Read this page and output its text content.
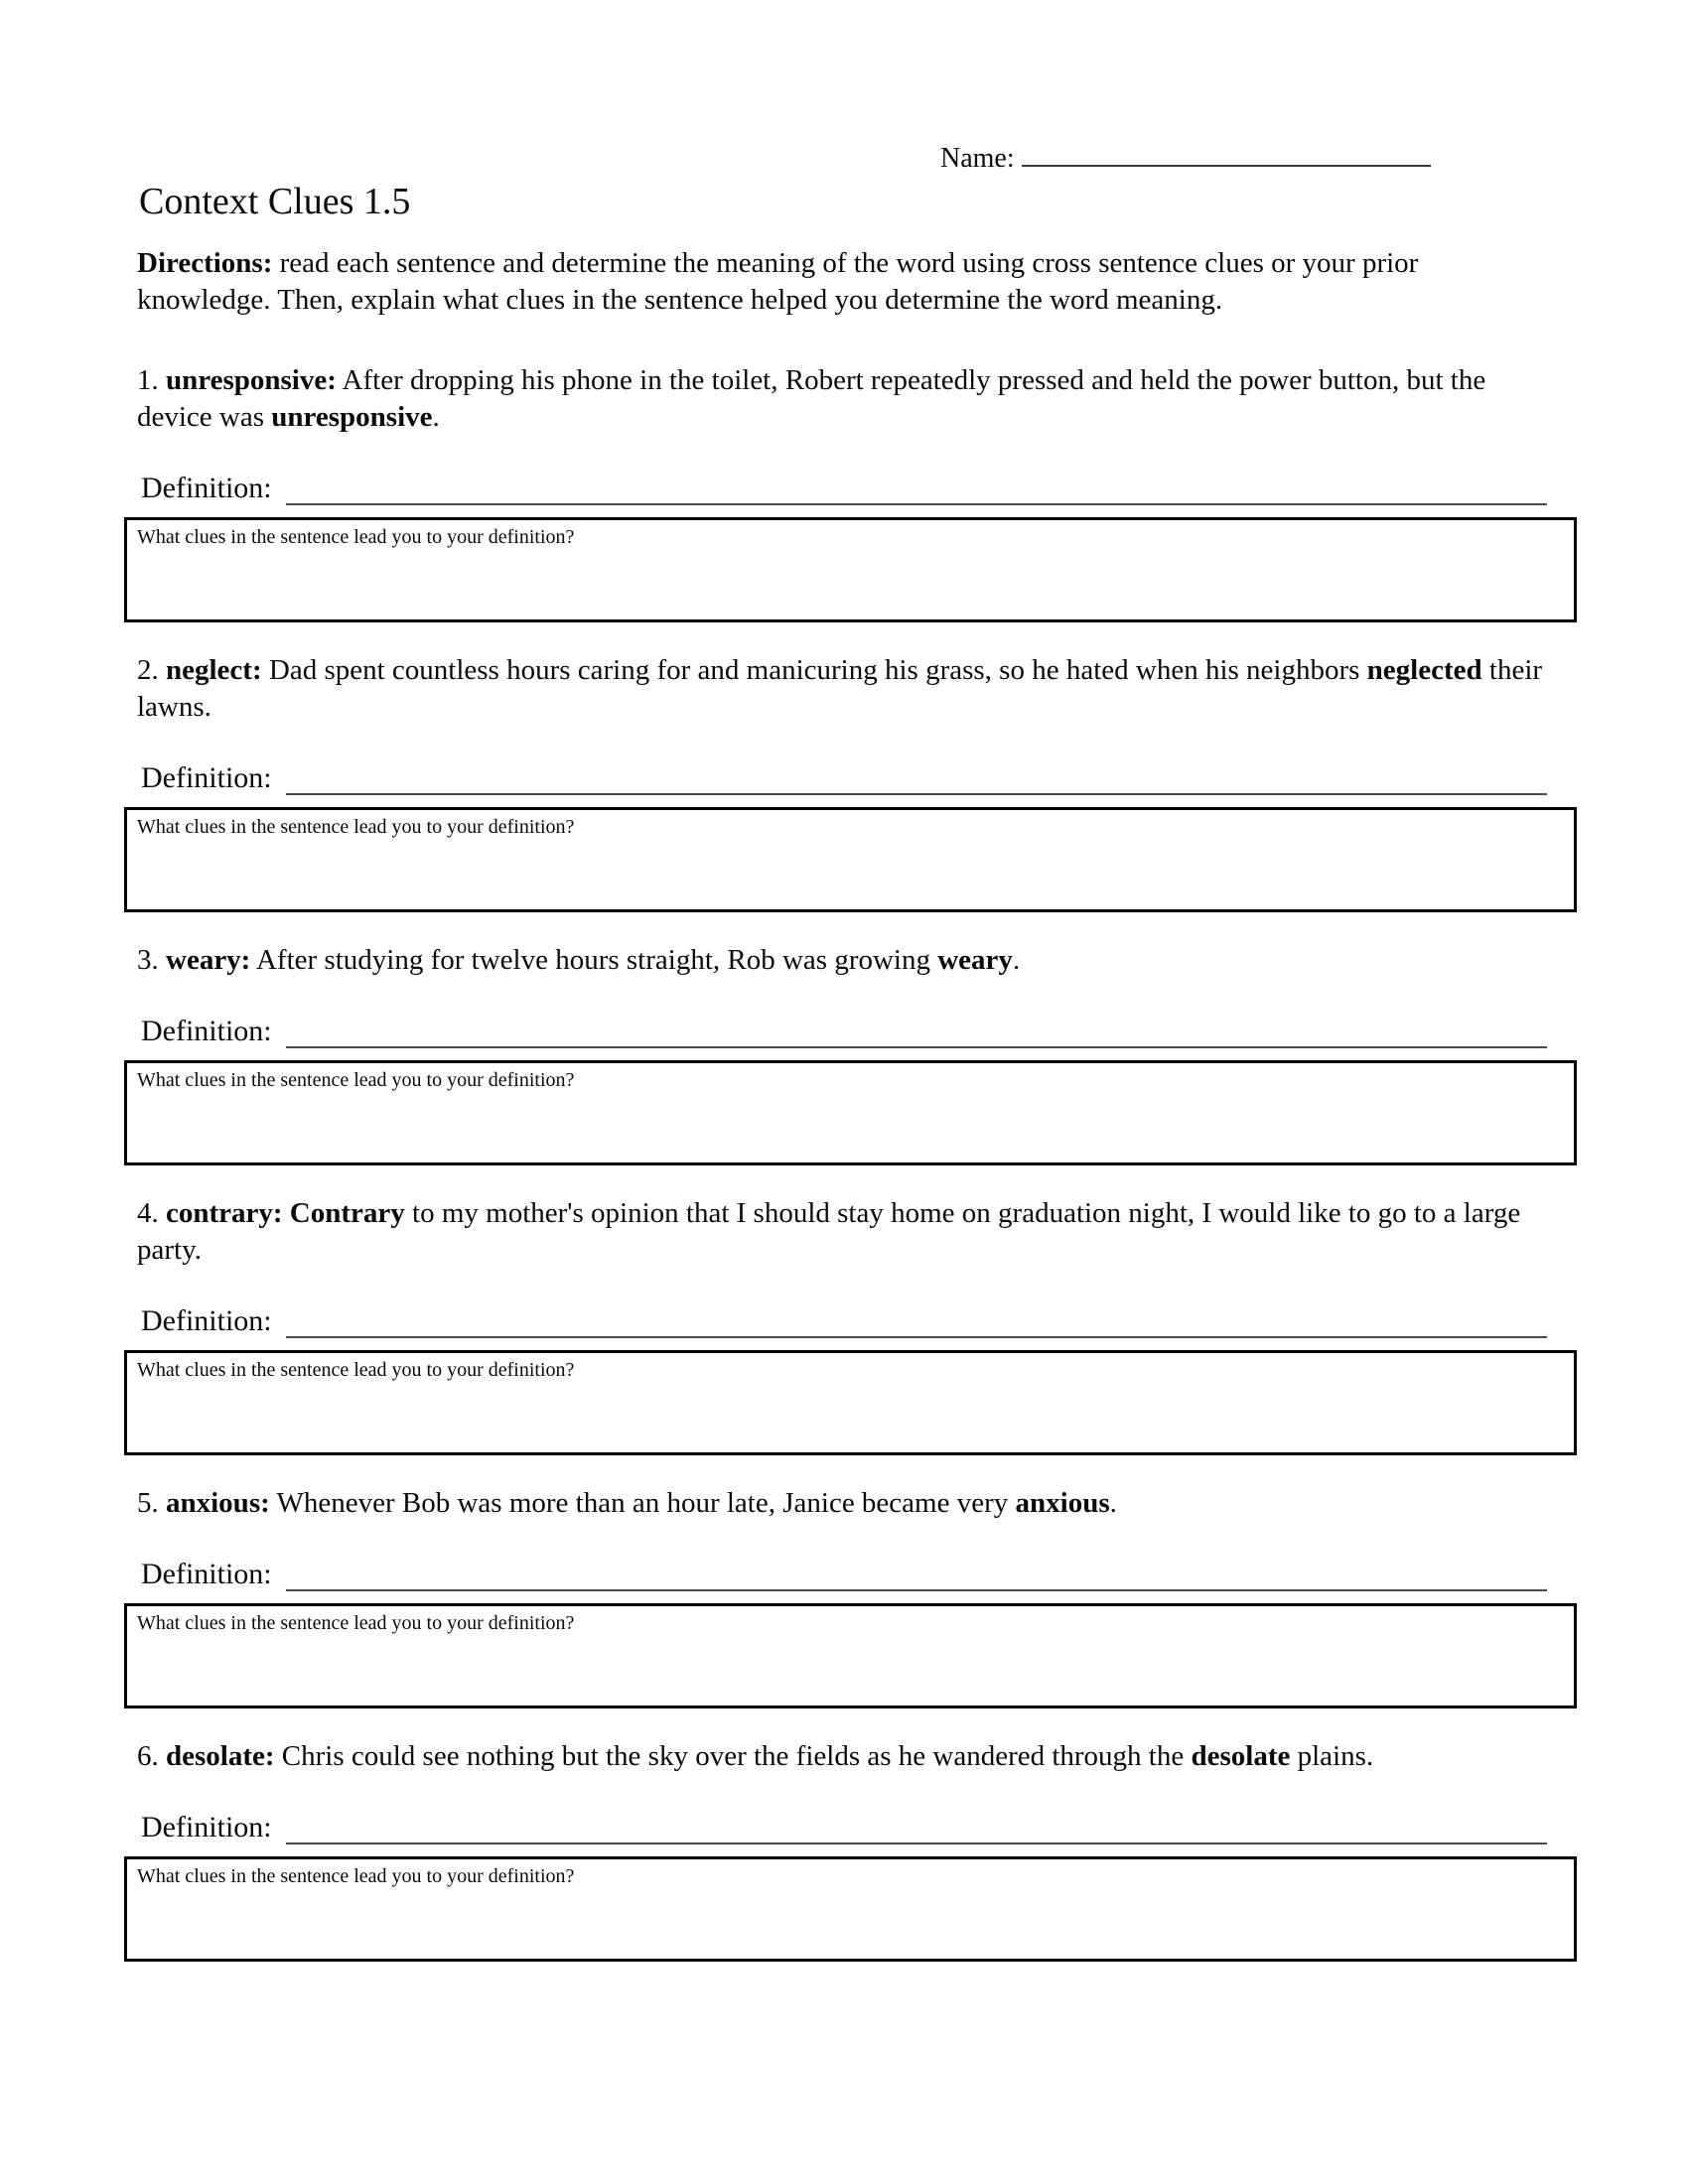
Name:
Context Clues 1.5

Directions: read each sentence and determine the meaning of the word using cross sentence clues or your prior knowledge. Then, explain what clues in the sentence helped you determine the word meaning.

1. unresponsive: After dropping his phone in the toilet, Robert repeatedly pressed and held the power button, but the device was unresponsive.

Definition:
What clues in the sentence lead you to your definition?

2. neglect: Dad spent countless hours caring for and manicuring his grass, so he hated when his neighbors neglected their lawns.

Definition:
What clues in the sentence lead you to your definition?

3. weary: After studying for twelve hours straight, Rob was growing weary.

Definition:
What clues in the sentence lead you to your definition?

4. contrary: Contrary to my mother's opinion that I should stay home on graduation night, I would like to go to a large party.

Definition:
What clues in the sentence lead you to your definition?

5. anxious: Whenever Bob was more than an hour late, Janice became very anxious.

Definition:
What clues in the sentence lead you to your definition?

6. desolate: Chris could see nothing but the sky over the fields as he wandered through the desolate plains.

Definition:
What clues in the sentence lead you to your definition?
